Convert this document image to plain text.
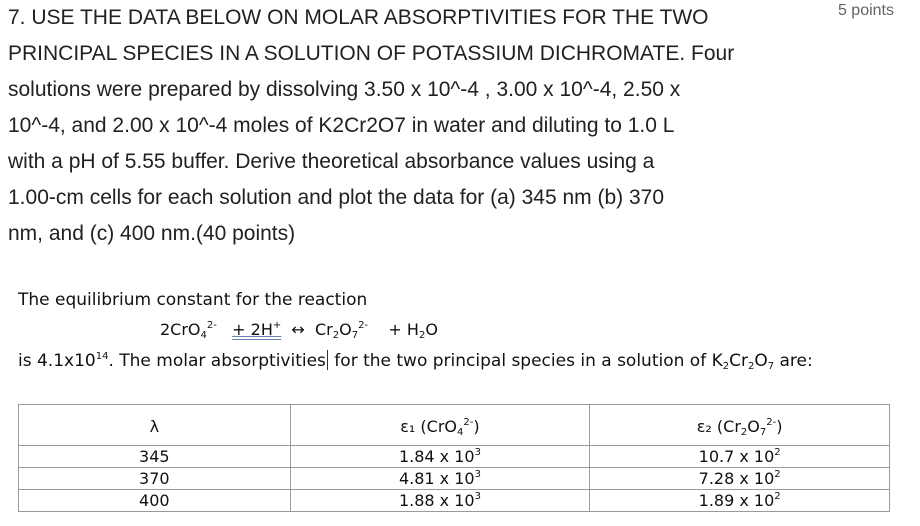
7. USE THE DATA BELOW ON MOLAR ABSORPTIVITIES FOR THE TWO

PRINCIPAL SPECIES IN A SOLUTION OF POTASSIUM DICHROMATE. Four

solutions were prepared by dissolving 3.50 x 10^-4 , 3.00 x 10^-4, 2.50 x

10^-4, and 2.00 x 10^-4 moles of K2Cr2O7 in water and diluting to 1.0 L

with a pH of 5.55 buffer. Derive theoretical absorbance values using a

1.00-cm cells for each solution and plot the data for (a) 345 nm (b) 370

nm, and (c) 400 nm.(40 points)

5 points
The equilibrium constant for the reaction
2CrO$_4^{2-}$ + 2H+ ↔ $Cr_2O_7^{2-} + H_2O$
is $4.1x10^{14}$. The molar absorptivities for the two principal species in a solution of $K_2Cr_2O_7$ are:
λ	ε₁ (CrO$_4^{2-}$)	ε₂ $(Cr_2O_7^{2-})$
345	1.84 x $10^3$	10.7 x $10^2$
370	4.81 x $10^3$	7.28 x $10^2$
400	1.88 x $10^3$	1.89 x $10^2$
